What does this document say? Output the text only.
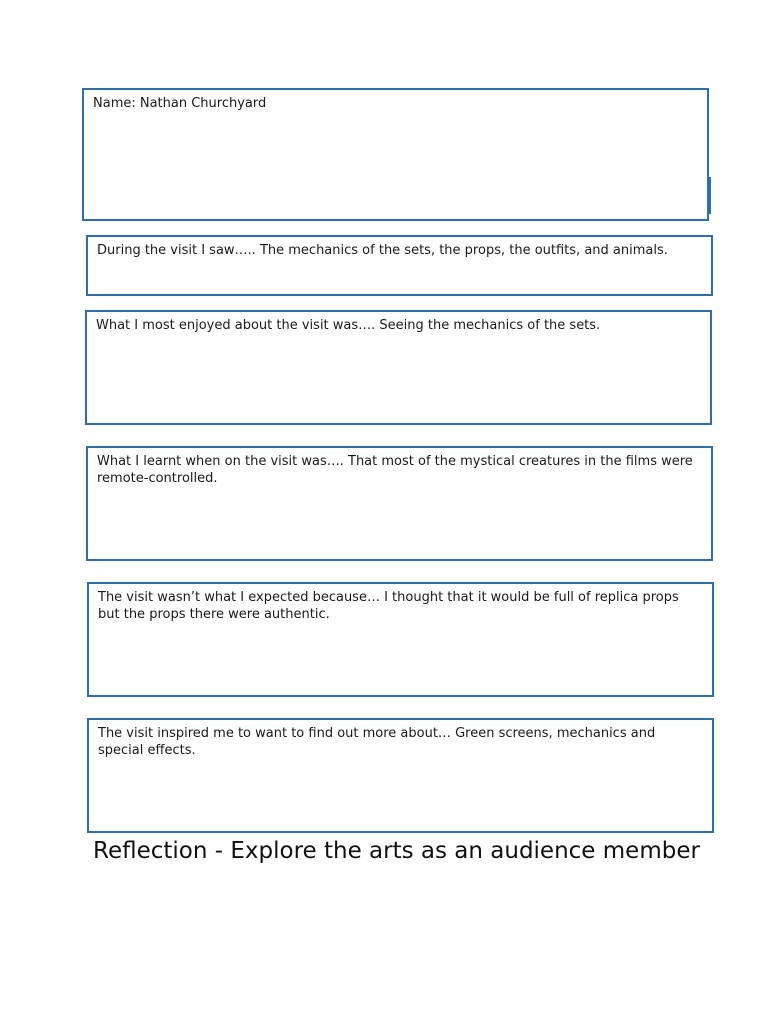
Name: Nathan Churchyard
During the visit I saw….. The mechanics of the sets, the props, the outfits, and animals.
What I most enjoyed about the visit was…. Seeing the mechanics of the sets.
What I learnt when on the visit was…. That most of the mystical creatures in the films were remote-controlled.
The visit wasn’t what I expected because… I thought that it would be full of replica props but the props there were authentic.
The visit inspired me to want to find out more about… Green screens, mechanics and special effects.
Reflection - Explore the arts as an audience member
